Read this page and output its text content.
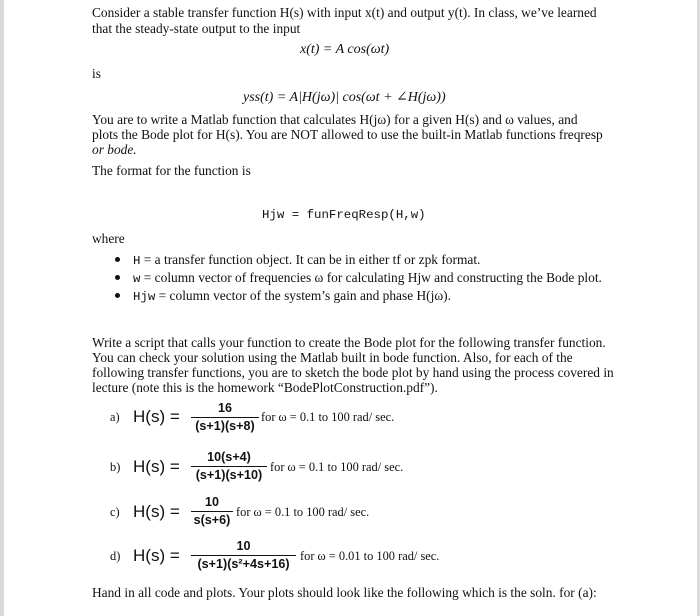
Consider a stable transfer function H(s) with input x(t) and output y(t). In class, we’ve learned
that the steady-state output to the input
x(t) = A cos(ωt)
is
yss(t) = A|H(jω)| cos(ωt + ∠H(jω))
You are to write a Matlab function that calculates H(jω) for a given H(s) and ω values, and
plots the Bode plot for H(s). You are NOT allowed to use the built-in Matlab functions freqresp
or bode.
The format for the function is
Hjw = funFreqResp(H,w)
where
H = a transfer function object. It can be in either tf or zpk format.
w = column vector of frequencies ω for calculating Hjw and constructing the Bode plot.
Hjw = column vector of the system’s gain and phase H(jω).
Write a script that calls your function to create the Bode plot for the following transfer function.
You can check your solution using the Matlab built in bode function. Also, for each of the
following transfer functions, you are to sketch the bode plot by hand using the process covered in
lecture (note this is the homework “BodePlotConstruction.pdf”).
a) H(s) =	16
(s+1)(s+8)
for ω = 0.1 to 100 rad/ sec.
b) H(s) =	10(s+4)
(s+1)(s+10)
for ω = 0.1 to 100 rad/ sec.
c) H(s) =	10
s(s+6)
for ω = 0.1 to 100 rad/ sec.
d) H(s) =	10
(s+1)(s²+4s+16)
for ω = 0.01 to 100 rad/ sec.
Hand in all code and plots. Your plots should look like the following which is the soln. for (a):
